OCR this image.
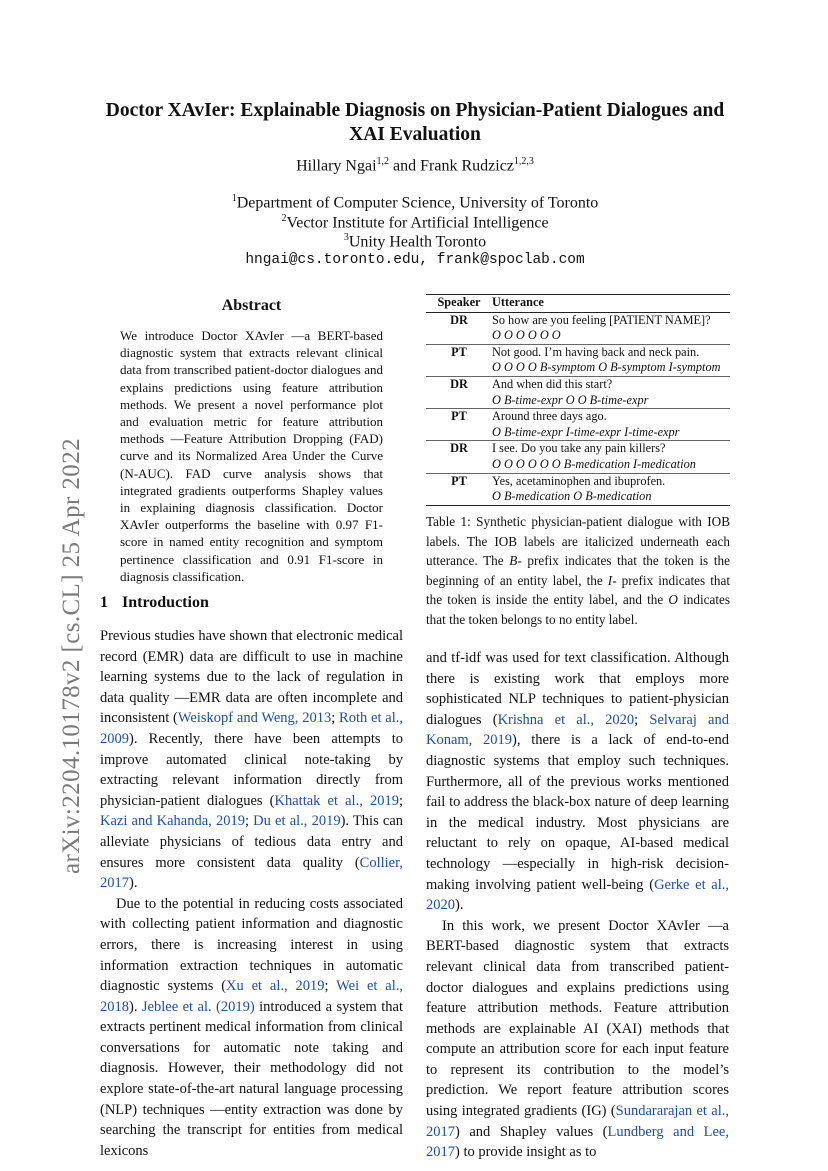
arXiv:2204.10178v2 [cs.CL] 25 Apr 2022
Doctor XAvIer: Explainable Diagnosis on Physician-Patient Dialogues and XAI Evaluation
Hillary Ngai$^{1,2}$ and Frank Rudzicz$^{1,2,3}$
$^1$Department of Computer Science, University of Toronto
$^2$Vector Institute for Artificial Intelligence
$^3$Unity Health Toronto
hngai@cs.toronto.edu, frank@spoclab.com
Abstract
We introduce Doctor XAvIer —a BERT-based diagnostic system that extracts relevant clinical data from transcribed patient-doctor dialogues and explains predictions using feature attribution methods. We present a novel performance plot and evaluation metric for feature attribution methods —Feature Attribution Dropping (FAD) curve and its Normalized Area Under the Curve (N-AUC). FAD curve analysis shows that integrated gradients outperforms Shapley values in explaining diagnosis classification. Doctor XAvIer outperforms the baseline with 0.97 F1-score in named entity recognition and symptom pertinence classification and 0.91 F1-score in diagnosis classification.
Speaker	Utterance
DR	So how are you feeling [PATIENT NAME]?
O O O O O O

PT	Not good. I’m having back and neck pain.
O O O O B-symptom O B-symptom I-symptom

DR	And when did this start?
O B-time-expr O O B-time-expr

PT	Around three days ago.
O B-time-expr I-time-expr I-time-expr

DR	I see. Do you take any pain killers?
O O O O O O B-medication I-medication

PT	Yes, acetaminophen and ibuprofen.
O B-medication O B-medication
Table 1: Synthetic physician-patient dialogue with IOB labels. The IOB labels are italicized underneath each utterance. The B- prefix indicates that the token is the beginning of an entity label, the I- prefix indicates that the token is inside the entity label, and the O indicates that the token belongs to no entity label.
1 Introduction

Previous studies have shown that electronic medical record (EMR) data are difficult to use in machine learning systems due to the lack of regulation in data quality —EMR data are often incomplete and inconsistent (Weiskopf and Weng, 2013; Roth et al., 2009). Recently, there have been attempts to improve automated clinical note-taking by extracting relevant information directly from physician-patient dialogues (Khattak et al., 2019; Kazi and Kahanda, 2019; Du et al., 2019). This can alleviate physicians of tedious data entry and ensures more consistent data quality (Collier, 2017).

Due to the potential in reducing costs associated with collecting patient information and diagnostic errors, there is increasing interest in using information extraction techniques in automatic diagnostic systems (Xu et al., 2019; Wei et al., 2018). Jeblee et al. (2019) introduced a system that extracts pertinent medical information from clinical conversations for automatic note taking and diagnosis. However, their methodology did not explore state-of-the-art natural language processing (NLP) techniques —entity extraction was done by searching the transcript for entities from medical lexicons

and tf-idf was used for text classification. Although there is existing work that employs more sophisticated NLP techniques to patient-physician dialogues (Krishna et al., 2020; Selvaraj and Konam, 2019), there is a lack of end-to-end diagnostic systems that employ such techniques. Furthermore, all of the previous works mentioned fail to address the black-box nature of deep learning in the medical industry. Most physicians are reluctant to rely on opaque, AI-based medical technology —especially in high-risk decision-making involving patient well-being (Gerke et al., 2020).

In this work, we present Doctor XAvIer —a BERT-based diagnostic system that extracts relevant clinical data from transcribed patient-doctor dialogues and explains predictions using feature attribution methods. Feature attribution methods are explainable AI (XAI) methods that compute an attribution score for each input feature to represent its contribution to the model’s prediction. We report feature attribution scores using integrated gradients (IG) (Sundararajan et al., 2017) and Shapley values (Lundberg and Lee, 2017) to provide insight as to
